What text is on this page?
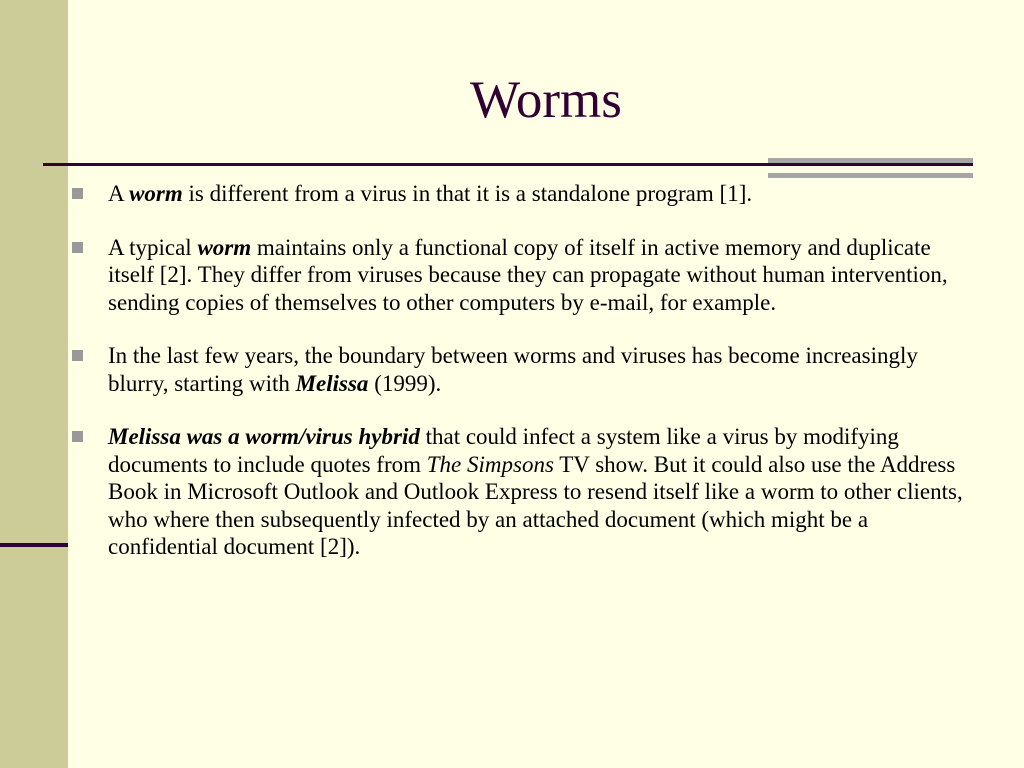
Worms
A worm is different from a virus in that it is a standalone program [1].
A typical worm maintains only a functional copy of itself in active memory and duplicate itself [2]. They differ from viruses because they can propagate without human intervention, sending copies of themselves to other computers by e-mail, for example.
In the last few years, the boundary between worms and viruses has become increasingly blurry, starting with Melissa (1999).
Melissa was a worm/virus hybrid that could infect a system like a virus by modifying documents to include quotes from The Simpsons TV show. But it could also use the Address Book in Microsoft Outlook and Outlook Express to resend itself like a worm to other clients, who where then subsequently infected by an attached document (which might be a confidential document [2]).
